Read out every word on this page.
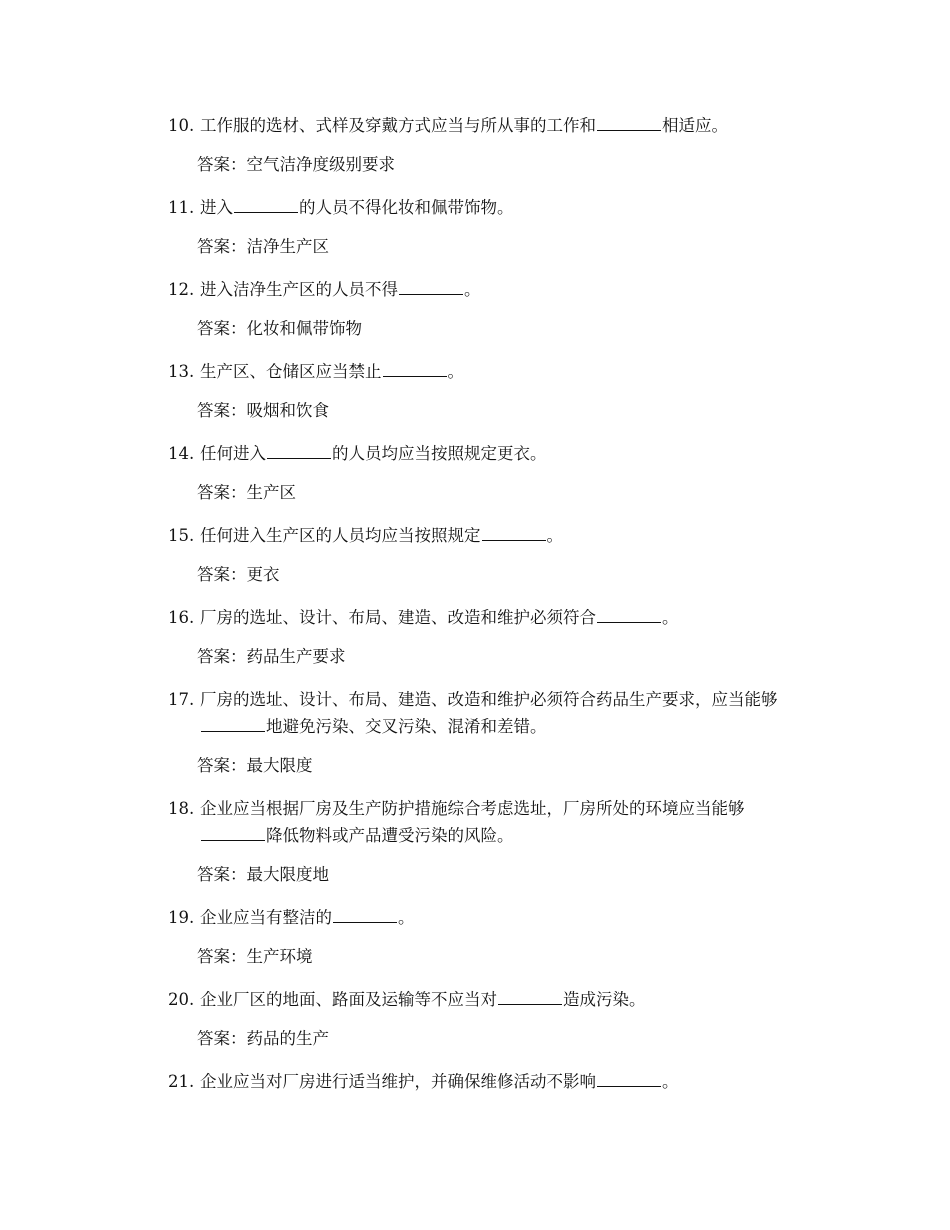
10. 工作服的选材、式样及穿戴方式应当与所从事的工作和	相适应。
答案：空气洁净度级别要求
11. 进入	的人员不得化妆和佩带饰物。
答案：洁净生产区
12. 进入洁净生产区的人员不得	。
答案：化妆和佩带饰物
13. 生产区、仓储区应当禁止	。
答案：吸烟和饮食
14. 任何进入	的人员均应当按照规定更衣。
答案：生产区
15. 任何进入生产区的人员均应当按照规定	。
答案：更衣
16. 厂房的选址、设计、布局、建造、改造和维护必须符合	。
答案：药品生产要求
17. 厂房的选址、设计、布局、建造、改造和维护必须符合药品生产要求，应当能够地避免污染、交叉污染、混淆和差错。
答案：最大限度
18. 企业应当根据厂房及生产防护措施综合考虑选址，厂房所处的环境应当能够降低物料或产品遭受污染的风险。
答案：最大限度地
19. 企业应当有整洁的	。
答案：生产环境
20. 企业厂区的地面、路面及运输等不应当对	造成污染。
答案：药品的生产
21. 企业应当对厂房进行适当维护，并确保维修活动不影响	。
